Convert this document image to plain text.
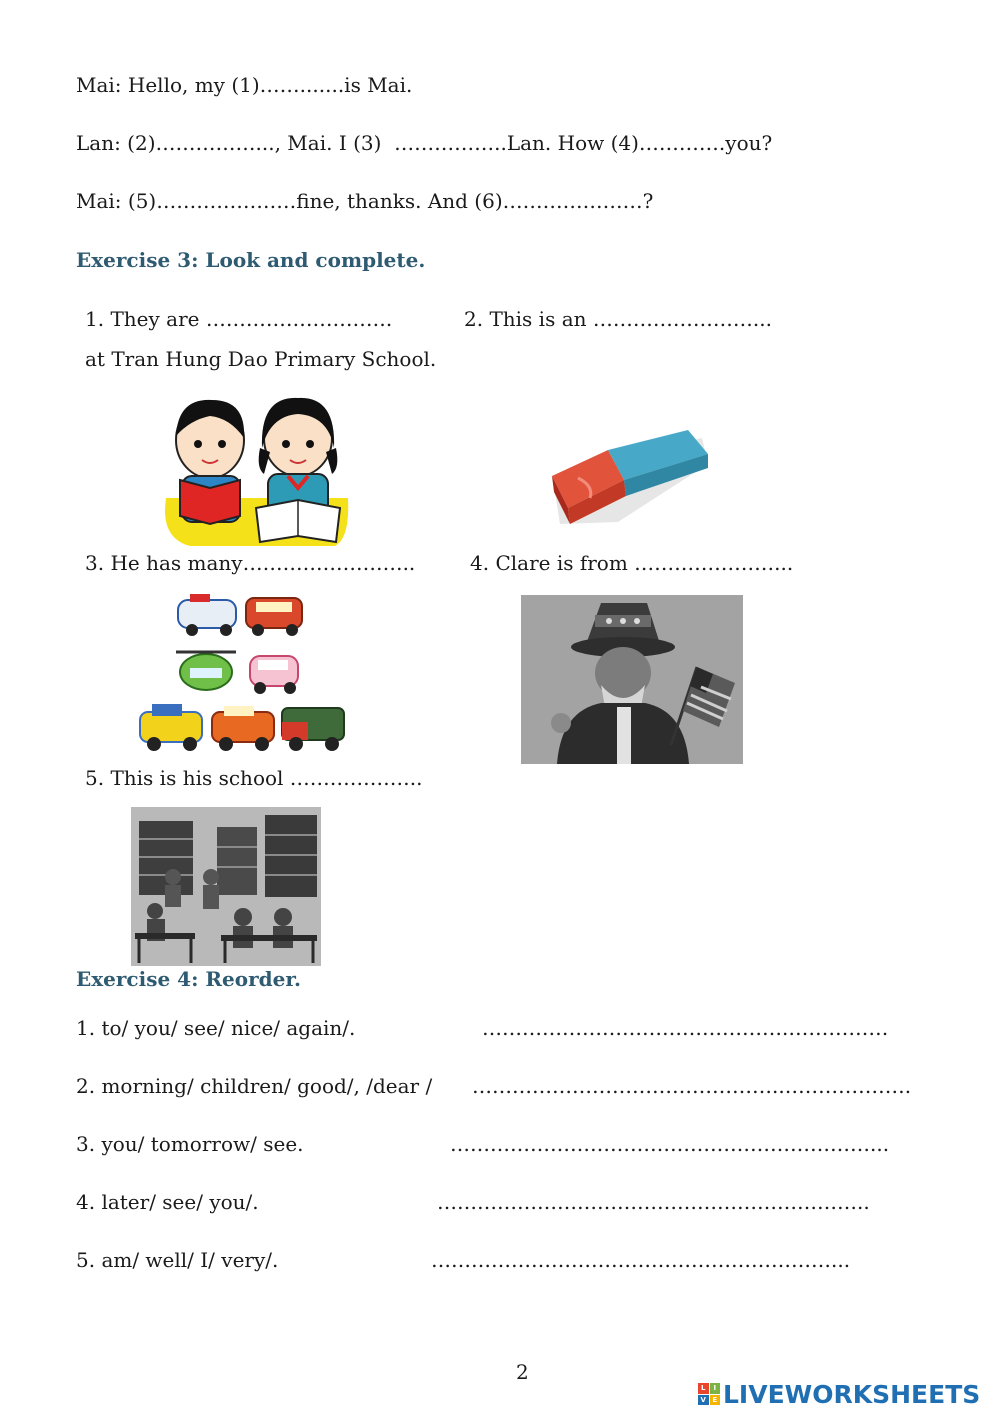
Mai: Hello, my (1)…….......is Mai.
Lan: (2)……………..., Mai. I (3)  ……………..Lan. How (4)………….you?
Mai: (5)…………………fine, thanks. And (6)…………………?
Exercise 3: Look and complete.
1. They are ……………………….	2. This is an ……………………...
at Tran Hung Dao Primary School.
3. He has many……………………..	4. Clare is from …………………...
5. This is his school ………………..
Exercise 4: Reorder.
1. to/ you/ see/ nice/ again/.	……………………………………….……………
2. morning/ children/ good/, /dear / ………………………………………..……………….
3. you/ tomorrow/ see.	………………………………………………………...
4. later/ see/ you/.	………………………………………………………..
5. am/ well/ I/ very/.	……………………………………………………...
2
L	I
V E LIVEWORKSHEETS
